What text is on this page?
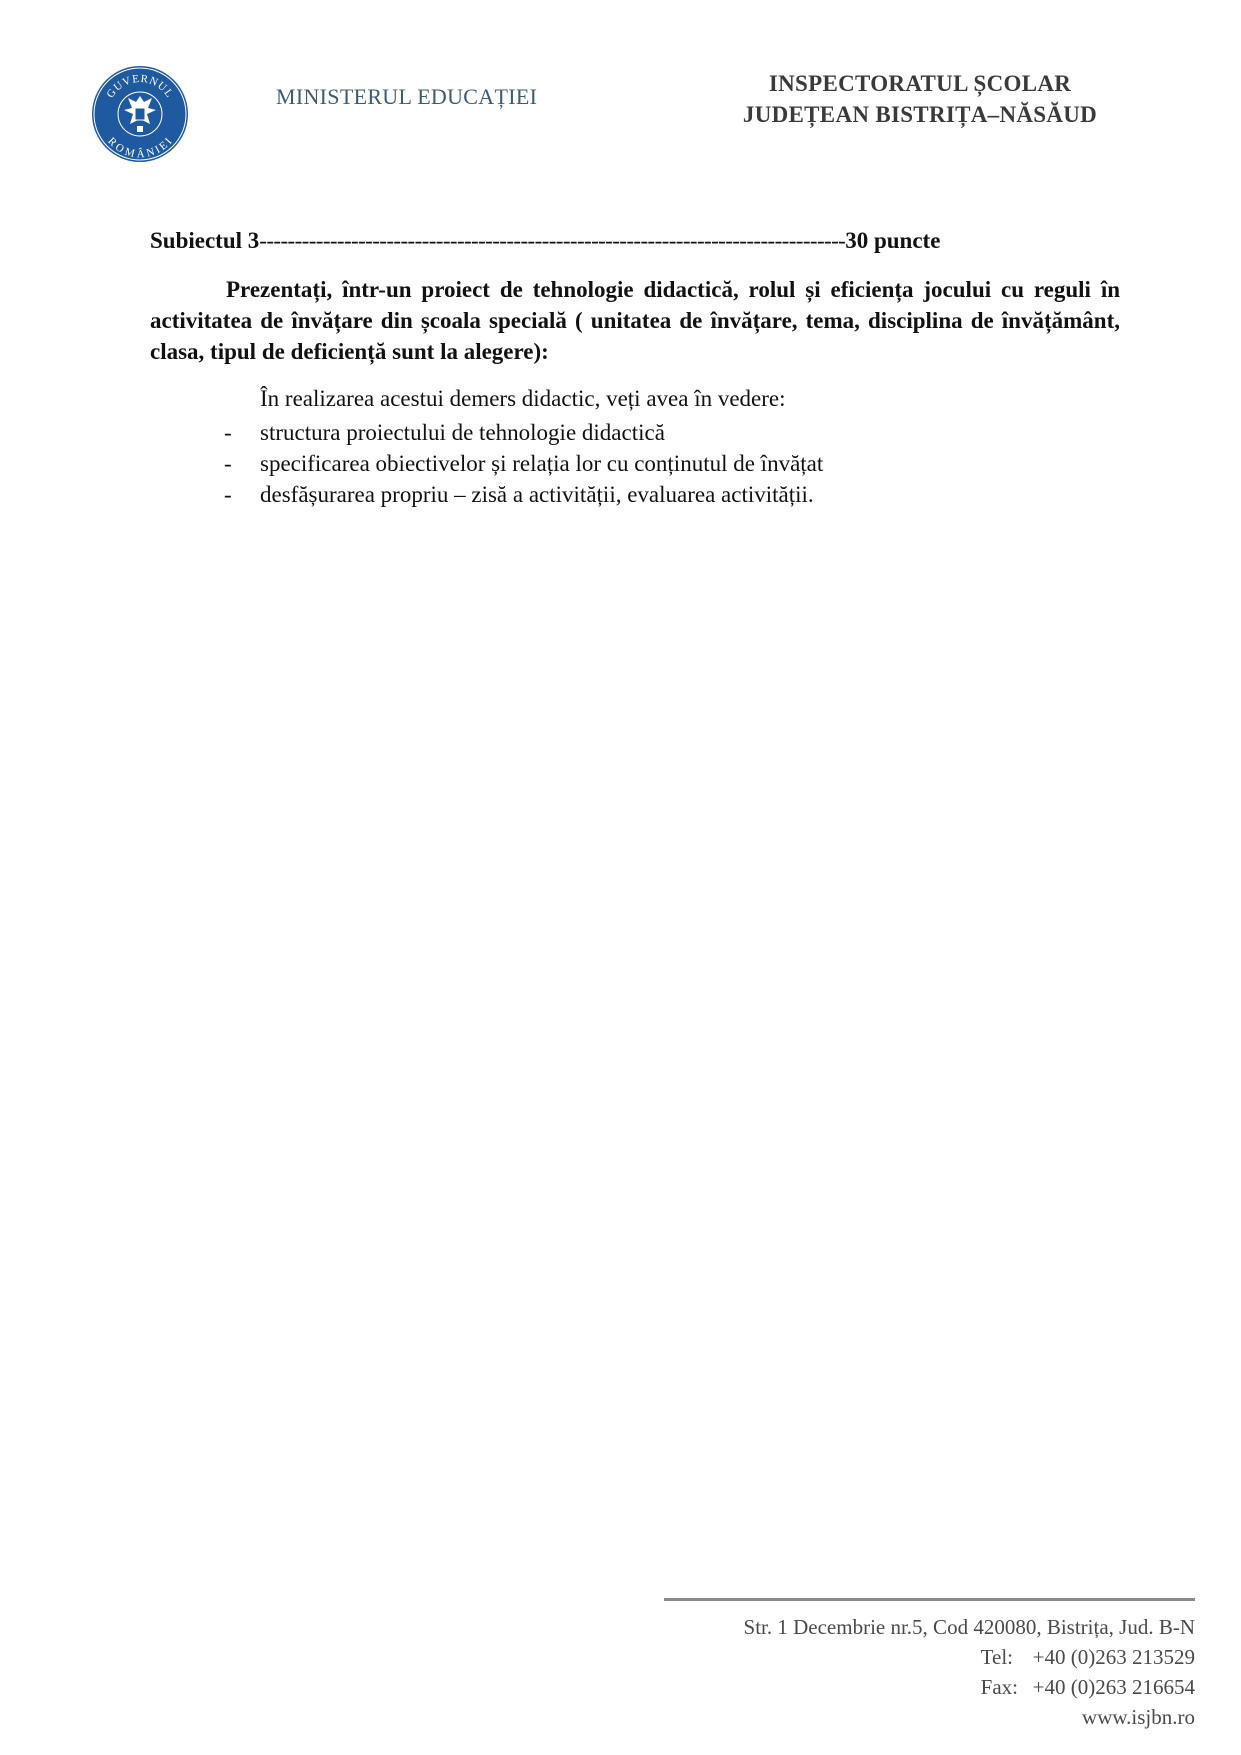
GUVERNUL
ROMÂNIEI
MINISTERUL EDUCAȚIEI
INSPECTORATUL ȘCOLAR
JUDEȚEAN BISTRIȚA–NĂSĂUD
Subiectul 3-----------------------------------------------------------------------------------30 puncte

Prezentați, într-un proiect de tehnologie didactică, rolul și eficiența jocului cu reguli în activitatea de învățare din școala specială ( unitatea de învățare, tema, disciplina de învățământ, clasa, tipul de deficiență sunt la alegere):

În realizarea acestui demers didactic, veți avea în vedere:

- structura proiectului de tehnologie didactică
- specificarea obiectivelor și relația lor cu conținutul de învățat
- desfășurarea propriu – zisă a activității, evaluarea activității.
Str. 1 Decembrie nr.5, Cod 420080, Bistrița, Jud. B-N
Tel: +40 (0)263 213529
Fax: +40 (0)263 216654
www.isjbn.ro
